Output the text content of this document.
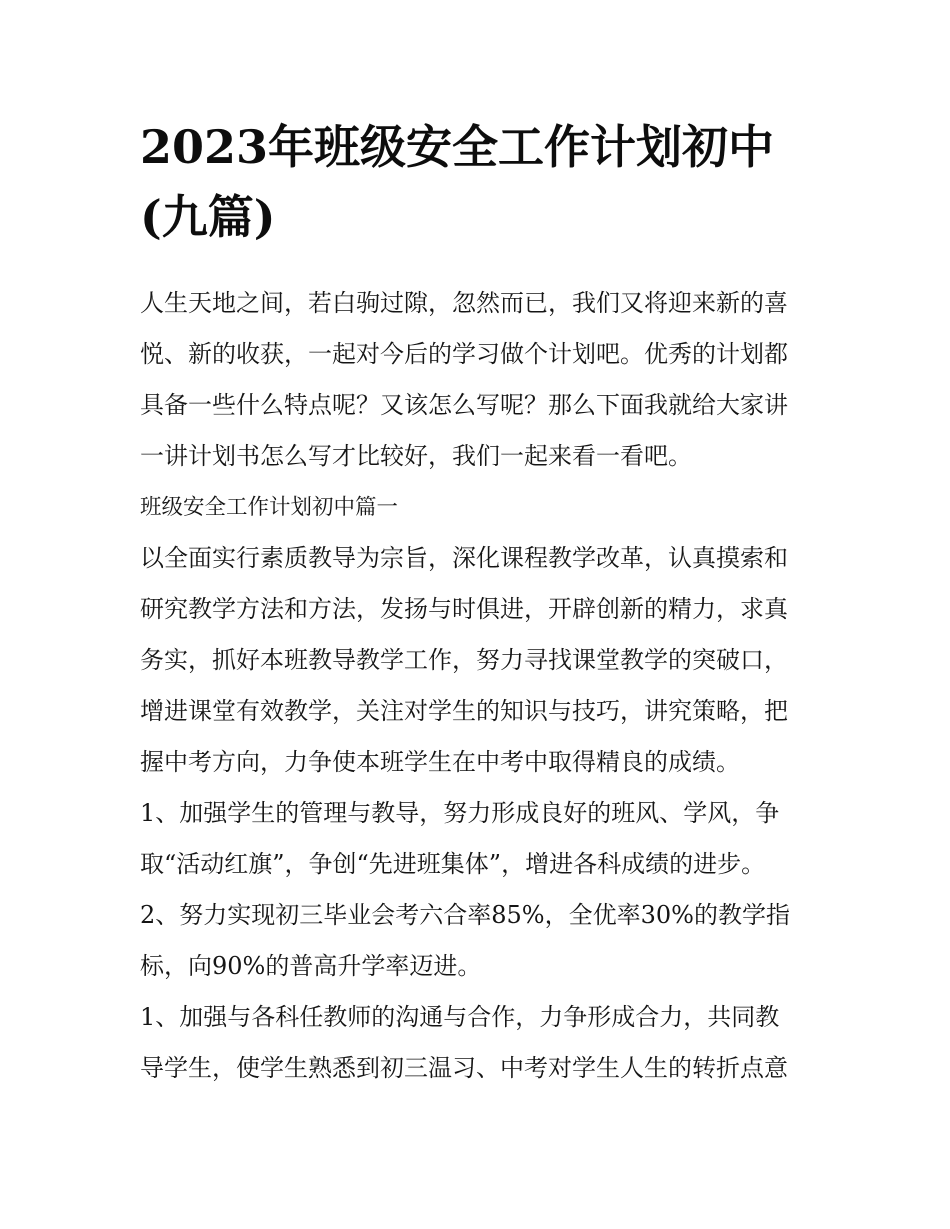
2023年班级安全工作计划初中
(九篇)
人生天地之间，若白驹过隙，忽然而已，我们又将迎来新的喜
悦、新的收获，一起对今后的学习做个计划吧。优秀的计划都
具备一些什么特点呢？又该怎么写呢？那么下面我就给大家讲
一讲计划书怎么写才比较好，我们一起来看一看吧。
班级安全工作计划初中篇一
以全面实行素质教导为宗旨，深化课程教学改革，认真摸索和
研究教学方法和方法，发扬与时俱进，开辟创新的精力，求真
务实，抓好本班教导教学工作，努力寻找课堂教学的突破口，
增进课堂有效教学，关注对学生的知识与技巧，讲究策略，把
握中考方向，力争使本班学生在中考中取得精良的成绩。
1、加强学生的管理与教导，努力形成良好的班风、学风，争
取“活动红旗”，争创“先进班集体”，增进各科成绩的进步。
2、努力实现初三毕业会考六合率85%，全优率30%的教学指
标，向90%的普高升学率迈进。
1、加强与各科任教师的沟通与合作，力争形成合力，共同教
导学生，使学生熟悉到初三温习、中考对学生人生的转折点意
